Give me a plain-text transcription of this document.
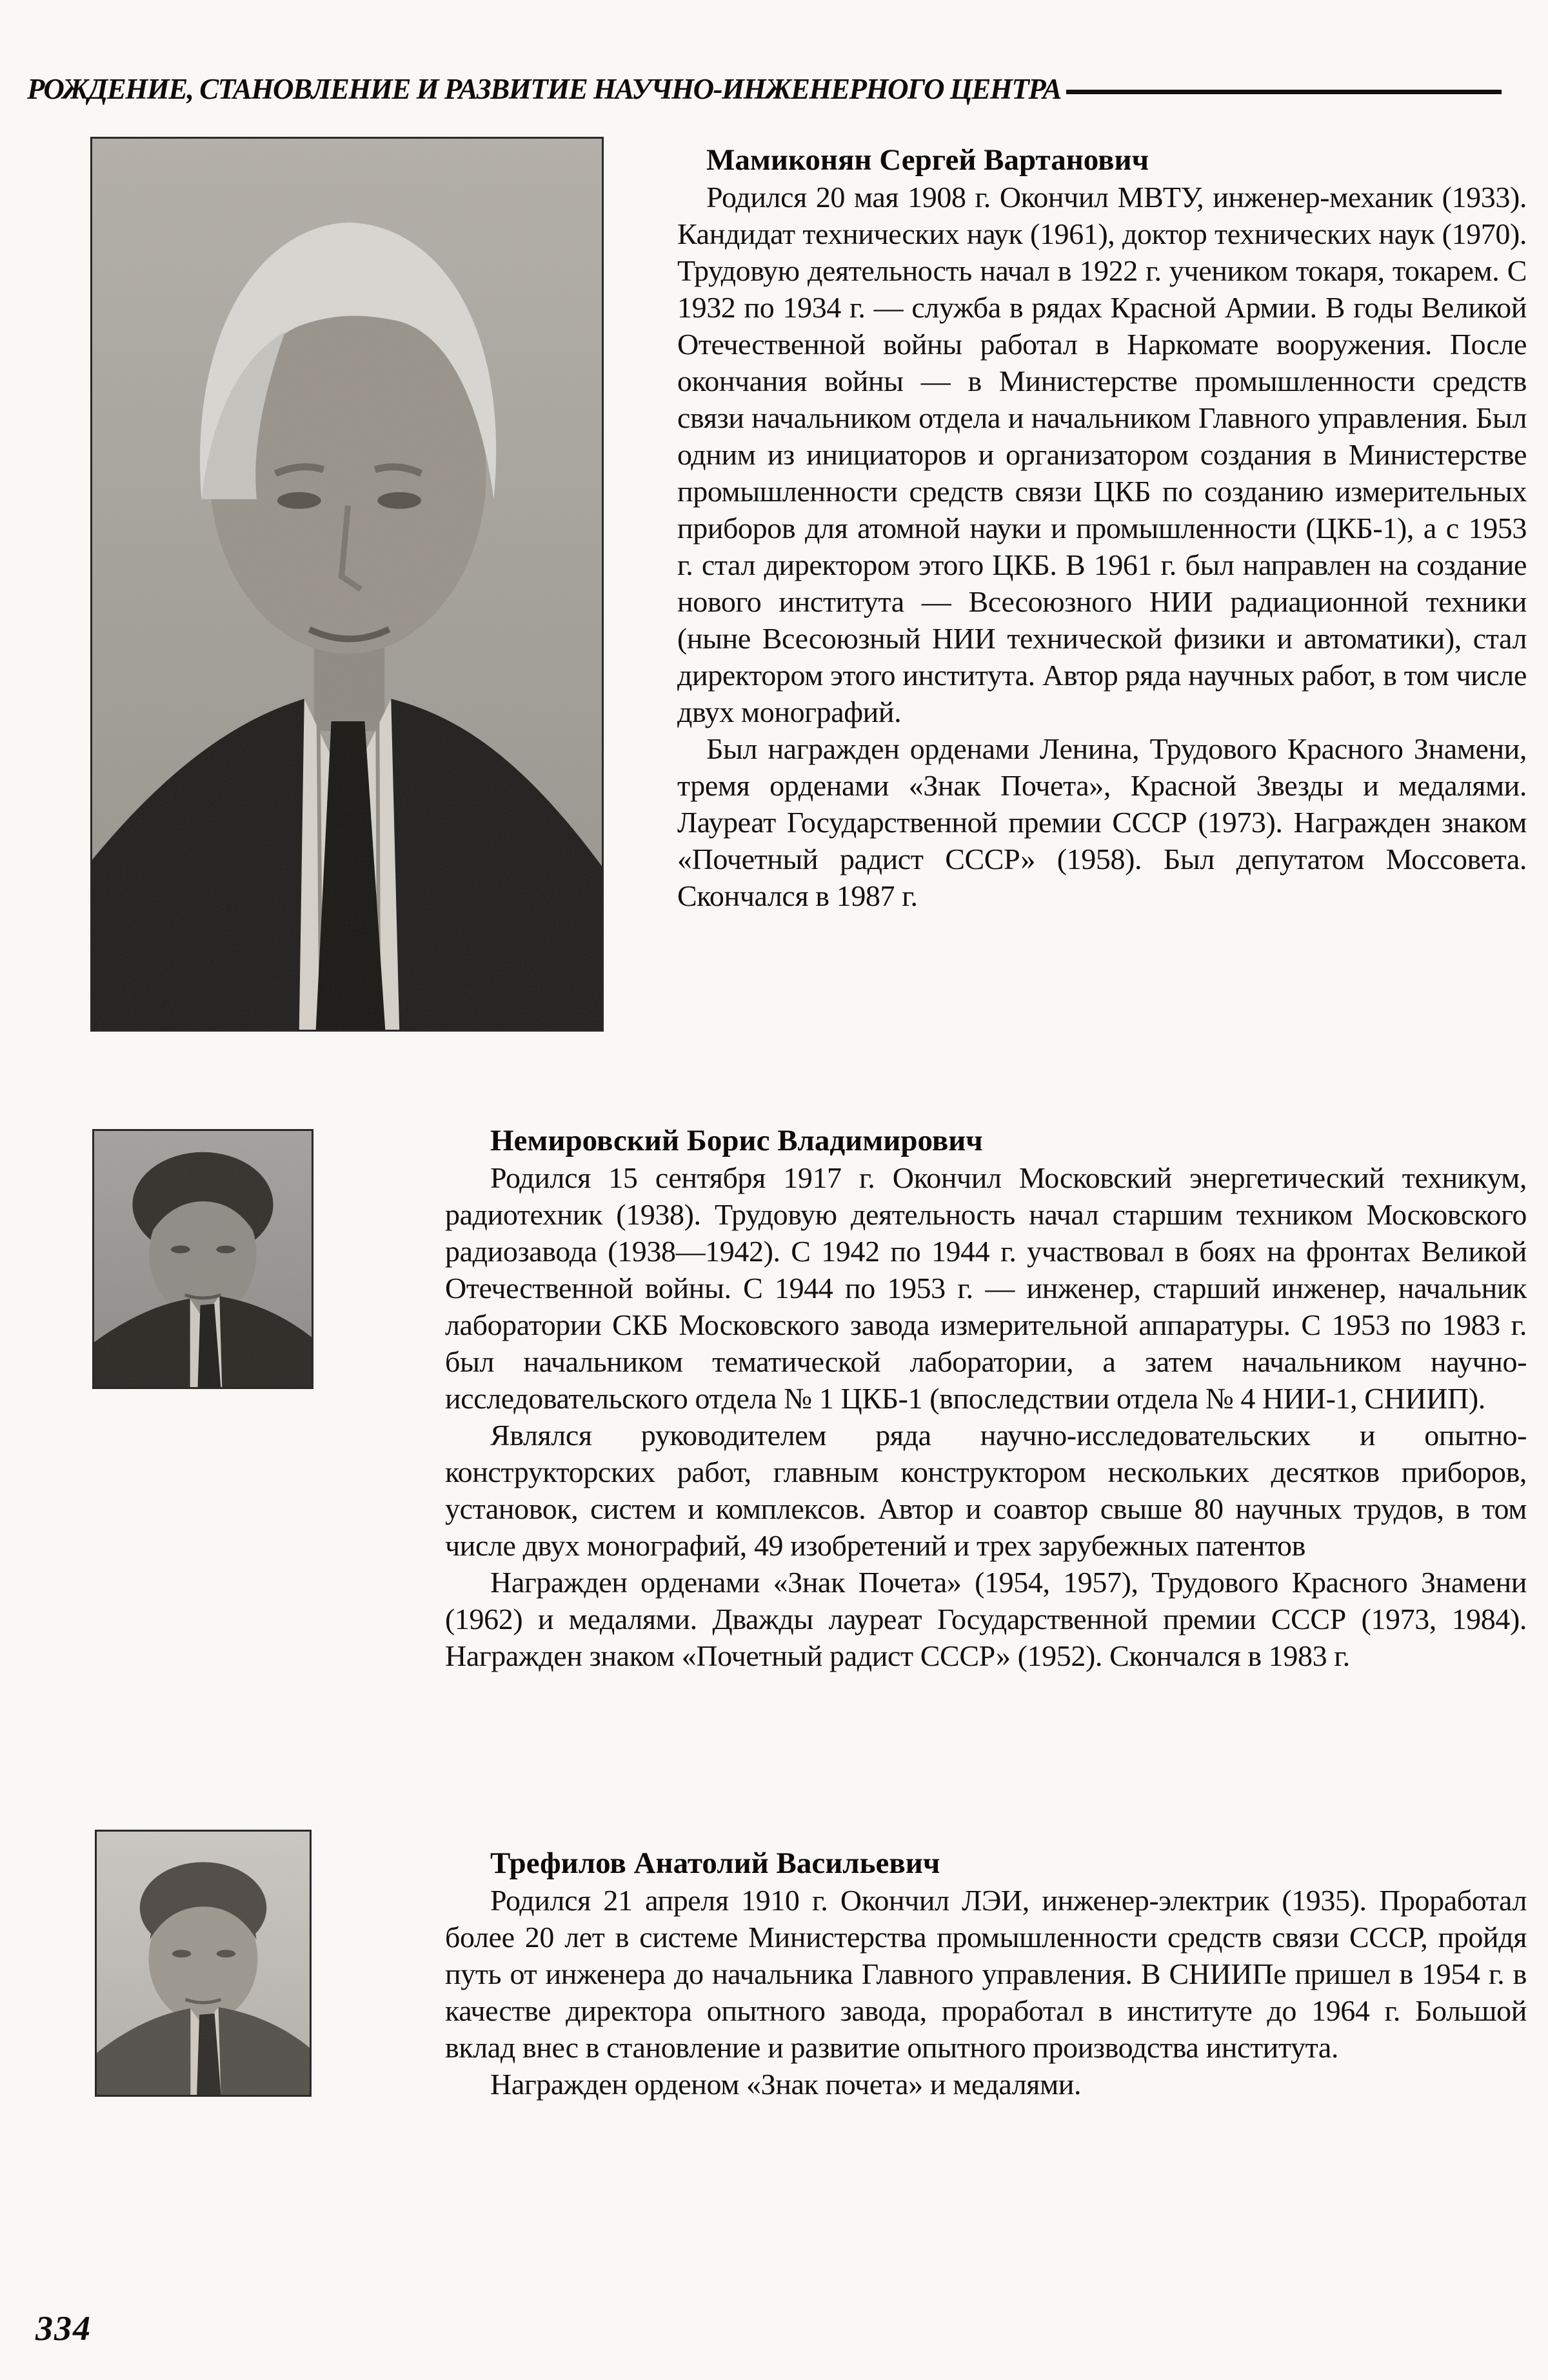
РОЖДЕНИЕ, СТАНОВЛЕНИЕ И РАЗВИТИЕ НАУЧНО-ИНЖЕНЕРНОГО ЦЕНТРА
Мамиконян Сергей Вартанович

Родился 20 мая 1908 г. Окончил МВТУ, инженер-механик (1933). Кандидат технических наук (1961), доктор технических наук (1970). Трудовую деятельность начал в 1922 г. учеником токаря, токарем. С 1932 по 1934 г. — служба в рядах Красной Армии. В годы Великой Отечественной войны работал в Наркомате вооружения. После окончания войны — в Министерстве промышленности средств связи начальником отдела и начальником Главного управления. Был одним из инициаторов и организатором создания в Министерстве промышленности средств связи ЦКБ по созданию измерительных приборов для атомной науки и промышленности (ЦКБ-1), а с 1953 г. стал директором этого ЦКБ. В 1961 г. был направлен на создание нового института — Всесоюзного НИИ радиационной техники (ныне Всесоюзный НИИ технической физики и автоматики), стал директором этого института. Автор ряда научных работ, в том числе двух монографий.

Был награжден орденами Ленина, Трудового Красного Знамени, тремя орденами «Знак Почета», Красной Звезды и медалями. Лауреат Государственной премии СССР (1973). Награжден знаком «Почетный радист СССР» (1958). Был депутатом Моссовета. Скончался в 1987 г.

Немировский Борис Владимирович

Родился 15 сентября 1917 г. Окончил Московский энергетический техникум, радиотехник (1938). Трудовую деятельность начал старшим техником Московского радиозавода (1938—1942). С 1942 по 1944 г. участвовал в боях на фронтах Великой Отечественной войны. С 1944 по 1953 г. — инженер, старший инженер, начальник лаборатории СКБ Московского завода измерительной аппаратуры. С 1953 по 1983 г. был начальником тематической лаборатории, а затем начальником научно-исследовательского отдела № 1 ЦКБ-1 (впоследствии отдела № 4 НИИ-1, СНИИП).

Являлся руководителем ряда научно-исследовательских и опытно-конструкторских работ, главным конструктором нескольких десятков приборов, установок, систем и комплексов. Автор и соавтор свыше 80 научных трудов, в том числе двух монографий, 49 изобретений и трех зарубежных патентов

Награжден орденами «Знак Почета» (1954, 1957), Трудового Красного Знамени (1962) и медалями. Дважды лауреат Государственной премии СССР (1973, 1984). Награжден знаком «Почетный радист СССР» (1952). Скончался в 1983 г.

Трефилов Анатолий Васильевич

Родился 21 апреля 1910 г. Окончил ЛЭИ, инженер-электрик (1935). Проработал более 20 лет в системе Министерства промышленности средств связи СССР, пройдя путь от инженера до начальника Главного управления. В СНИИПе пришел в 1954 г. в качестве директора опытного завода, проработал в институте до 1964 г. Большой вклад внес в становление и развитие опытного производства института.

Награжден орденом «Знак почета» и медалями.

334
